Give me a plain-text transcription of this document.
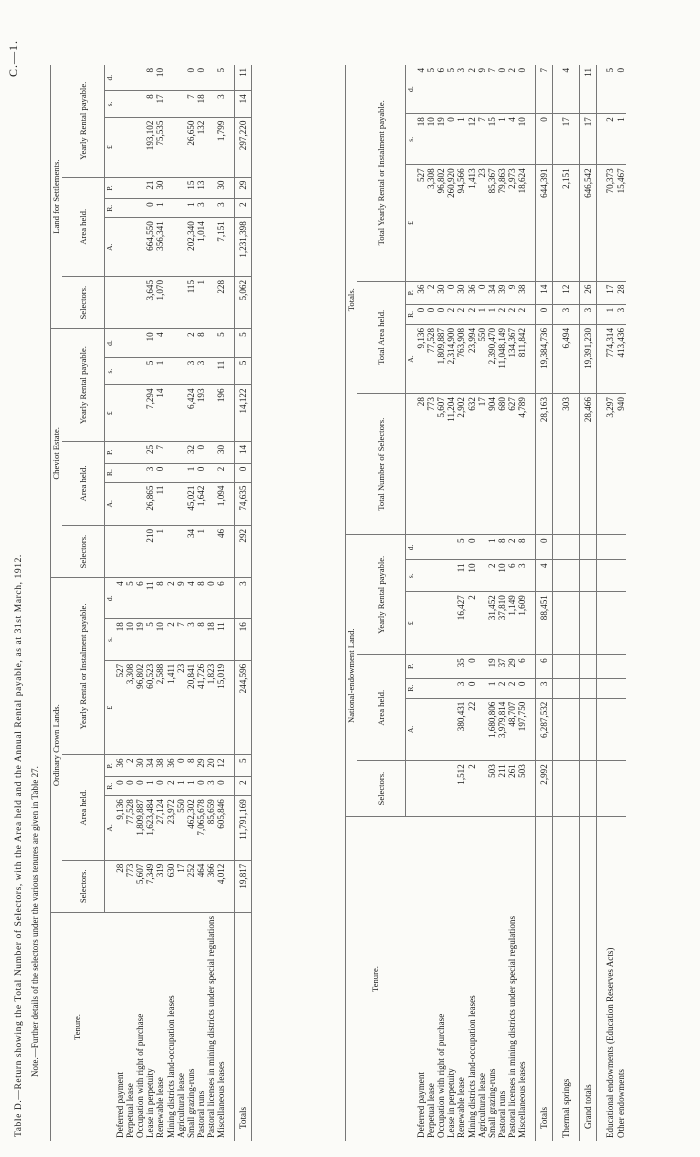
Table D.—Return showing the Total Number of Selectors, with the Area held and the Annual Rental payable, as at 31st March, 1912. Note.—Further details of the selectors under the various tenures are given in Table 27.
C.—1.
Tenure.	Ordinary Crown Lands.							Cheviot Estate.							Land for Settlements.						
	Selectors.	Area held.			Yearly Rental or Instalment payable.			Selectors.	Area held.			Yearly Rental payable.			Selectors.	Area held.			Yearly Rental payable.		
		A.	R.	P.	£	s.	d.		A.	R.	P.	£	s.	d.		A.	R.	P.	£	s.	d.
Deferred payment	28	9,136	0	36	527	18	4														
Perpetual lease	773	77,528	0	2	3,308	10	5														
Occupation with right of purchase	5,607	1,809,887	0	30	96,802	19	6														
Lease in perpetuity	7,349	1,623,484	1	34	60,523	5	11	210	26,865	3	25	7,294	5	10	3,645	664,550	0	21	193,102	8	8
Renewable lease	319	27,124	0	38	2,588	10	8	1	11	0	7	14	1	4	1,070	356,341	1	30	75,535	17	10
Mining districts land-occupation leases	630	23,972	2	36	1,411	2	2														
Agricultural lease	17	550	1	0	23	7	9														
Small grazing-runs	252	462,302	1	8	20,841	3	4	34	45,021	1	32	6,424	3	2	115	202,340	1	15	26,650	7	0
Pastoral runs	464	7,065,678	0	29	41,726	8	8	1	1,642	0	0	193	3	8	1	1,014	3	13	132	18	0
Pastoral licenses in mining districts under special regulations	366	85,659	3	20	1,823	18	0														
Miscellaneous leases	4,012	605,846	0	12	15,019	11	6	46	1,094	2	30	196	11	5	228	7,151	3	30	1,799	3	5

Totals	19,817	11,791,169	2	5	244,596	16	3	292	74,635	0	14	14,122	5	5	5,062	1,231,398	2	29	297,220	14	11
Tenure.	National-endowment Land.							Totals.						
	Selectors.	Area held.			Yearly Rental payable.			Total Number of Selectors.	Total Area held.			Total Yearly Rental or Instalment payable.		
		A.	R.	P.	£	s.	d.		A.	R.	P.	£	s.	d.
Deferred payment								28	9,136	0	36	527	18	4
Perpetual lease								773	77,528	0	2	3,308	10	5
Occupation with right of purchase								5,607	1,809,887	0	30	96,802	19	6
Lease in perpetuity								11,204	2,314,900	2	0	260,920	0	5
Renewable lease	1,512	380,431	3	35	16,427	11	5	2,902	763,908	2	30	94,566	1	3
Mining districts land-occupation leases	2	22	0	0	2	10	0	632	23,994	2	36	1,413	12	2
Agricultural lease								17	550	1	0	23	7	9
Small grazing-runs	503	1,680,806	1	19	31,452	2	1	904	2,390,470	1	34	85,367	15	7
Pastoral runs	211	3,979,814	2	37	37,810	10	8	680	11,048,149	2	39	79,863	1	0
Pastoral licenses in mining districts under special regulations	261	48,707	2	29	1,149	6	2	627	134,367	2	9	2,973	4	2
Miscellaneous leases	503	197,750	0	6	1,609	3	8	4,789	811,842	2	38	18,624	10	0

Totals	2,992	6,287,532	3	6	88,451	4	0	28,163	19,384,736	0	14	644,391	0	7

Thermal springs								303	6,494	3	12	2,151	17	4

Grand totals								28,466	19,391,230	3	26	646,542	17	11

Educational endowments (Education Reserves Acts)								3,297	774,314	1	17	70,373	2	5
Other endowments								940	413,436	3	28	15,467	1	0
